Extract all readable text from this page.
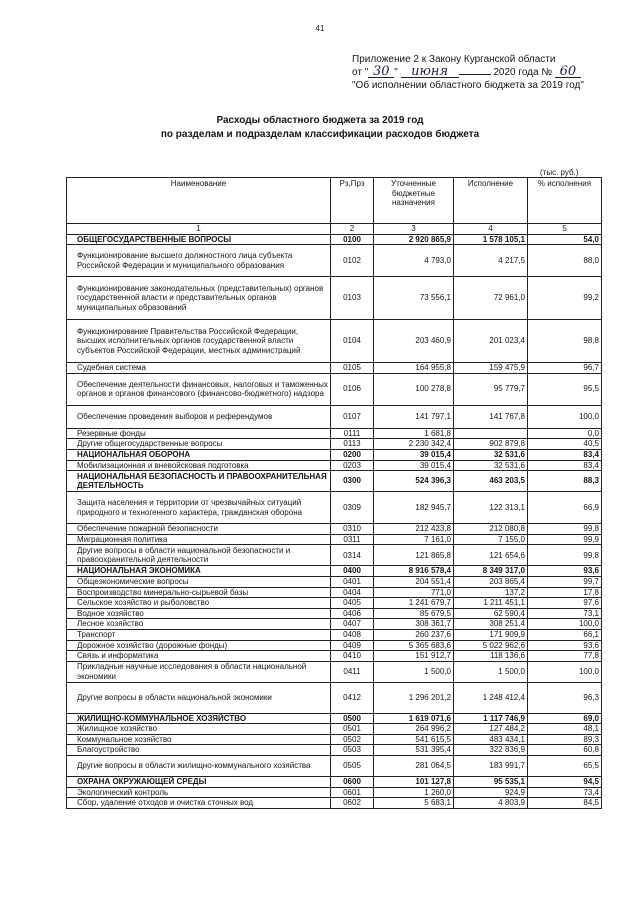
41
Приложение 2 к Закону Курганской области
от " 30 " июня	2020 года № 60
"Об исполнении областного бюджета за 2019 год"
Расходы областного бюджета за 2019 год
по разделам и подразделам классификации расходов бюджета
(тыс. руб.)
Наименование	Рз,Прз	Уточненные бюджетные назначения	Исполнение	% исполнения
1	2	3	4	5
ОБЩЕГОСУДАРСТВЕННЫЕ ВОПРОСЫ	0100	2 920 865,9	1 578 105,1	54,0
Функционирование высшего должностного лица субъекта Российской Федерации и муниципального образования	0102	4 793,0	4 217,5	88,0
Функционирование законодательных (представительных) органов государственной власти и представительных органов муниципальных образований	0103	73 556,1	72 961,0	99,2
Функционирование Правительства Российской Федерации, высших исполнительных органов государственной власти субъектов Российской Федерации, местных администраций	0104	203 460,9	201 023,4	98,8
Судебная система	0105	164 955,8	159 475,9	96,7
Обеспечение деятельности финансовых, налоговых и таможенных органов и органов финансового (финансово-бюджетного) надзора	0106	100 278,8	95 779,7	95,5
Обеспечение проведения выборов и референдумов	0107	141 797,1	141 767,8	100,0
Резервные фонды	0111	1 681,8		0,0
Другие общегосударственные вопросы	0113	2 230 342,4	902 879,8	40,5
НАЦИОНАЛЬНАЯ ОБОРОНА	0200	39 015,4	32 531,6	83,4
Мобилизационная и вневойсковая подготовка	0203	39 015,4	32 531,6	83,4
НАЦИОНАЛЬНАЯ БЕЗОПАСНОСТЬ И ПРАВООХРАНИТЕЛЬНАЯ ДЕЯТЕЛЬНОСТЬ	0300	524 396,3	463 203,5	88,3
Защита населения и территории от чрезвычайных ситуаций природного и техногенного характера, гражданская оборона	0309	182 945,7	122 313,1	66,9
Обеспечение пожарной безопасности	0310	212 423,8	212 080,8	99,8
Миграционная политика	0311	7 161,0	7 155,0	99,9
Другие вопросы в области национальной безопасности и правоохранительной деятельности	0314	121 865,8	121 654,6	99,8
НАЦИОНАЛЬНАЯ ЭКОНОМИКА	0400	8 916 578,4	8 349 317,0	93,6
Общеэкономические вопросы	0401	204 551,4	203 865,4	99,7
Воспроизводство минерально-сырьевой базы	0404	771,0	137,2	17,8
Сельское хозяйство и рыболовство	0405	1 241 679,7	1 211 451,1	97,6
Водное хозяйство	0406	85 679,5	62 590,4	73,1
Лесное хозяйство	0407	308 361,7	308 251,4	100,0
Транспорт	0408	260 237,6	171 909,9	66,1
Дорожное хозяйство (дорожные фонды)	0409	5 365 683,6	5 022 962,6	93,6
Связь и информатика	0410	151 912,7	118 136,6	77,8
Прикладные научные исследования в области национальной экономики	0411	1 500,0	1 500,0	100,0
Другие вопросы в области национальной экономики	0412	1 296 201,2	1 248 412,4	96,3
ЖИЛИЩНО-КОММУНАЛЬНОЕ ХОЗЯЙСТВО	0500	1 619 071,6	1 117 746,9	69,0
Жилищное хозяйство	0501	264 996,2	127 484,2	48,1
Коммунальное хозяйство	0502	541 615,5	483 434,1	89,3
Благоустройство	0503	531 395,4	322 836,9	60,8
Другие вопросы в области жилищно-коммунального хозяйства	0505	281 064,5	183 991,7	65,5
ОХРАНА ОКРУЖАЮЩЕЙ СРЕДЫ	0600	101 127,8	95 535,1	94,5
Экологический контроль	0601	1 260,0	924,9	73,4
Сбор, удаление отходов и очистка сточных вод	0602	5 683,1	4 803,9	84,5
